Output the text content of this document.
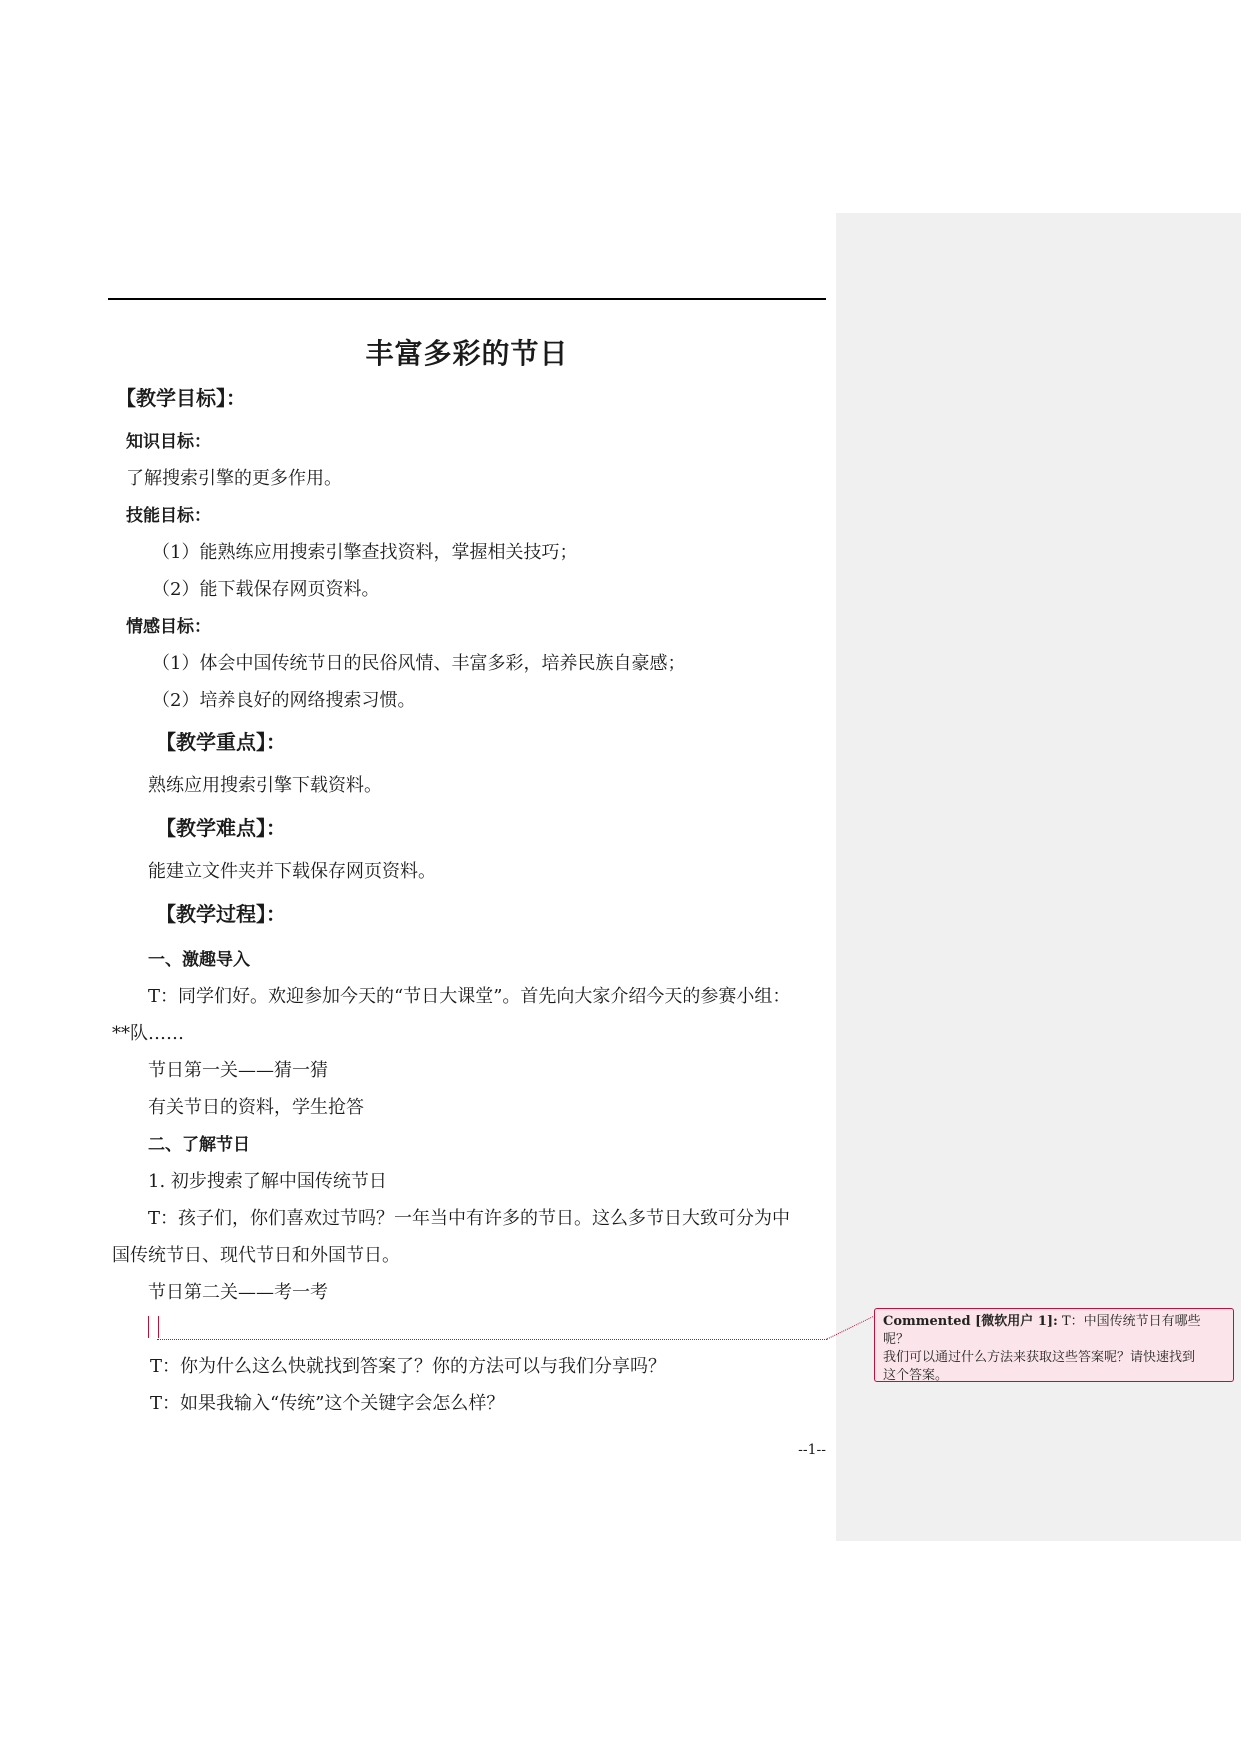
丰富多彩的节日
【教学目标】：
知识目标：
了解搜索引擎的更多作用。
技能目标：
（1）能熟练应用搜索引擎查找资料，掌握相关技巧；
（2）能下载保存网页资料。
情感目标：
（1）体会中国传统节日的民俗风情、丰富多彩，培养民族自豪感；
（2）培养良好的网络搜索习惯。
【教学重点】：
熟练应用搜索引擎下载资料。
【教学难点】：
能建立文件夹并下载保存网页资料。
【教学过程】：
一、激趣导入
T：同学们好。欢迎参加今天的“节日大课堂”。首先向大家介绍今天的参赛小组：
**队……
节日第一关——猜一猜
有关节日的资料，学生抢答
二、了解节日
1. 初步搜索了解中国传统节日
T：孩子们，你们喜欢过节吗？一年当中有许多的节日。这么多节日大致可分为中
国传统节日、现代节日和外国节日。
节日第二关——考一考
T：你为什么这么快就找到答案了？你的方法可以与我们分享吗？
T：如果我输入“传统”这个关键字会怎么样？
--1--
Commented [微软用户 1]: T：中国传统节日有哪些呢？
我们可以通过什么方法来获取这些答案呢？请快速找到
这个答案。
